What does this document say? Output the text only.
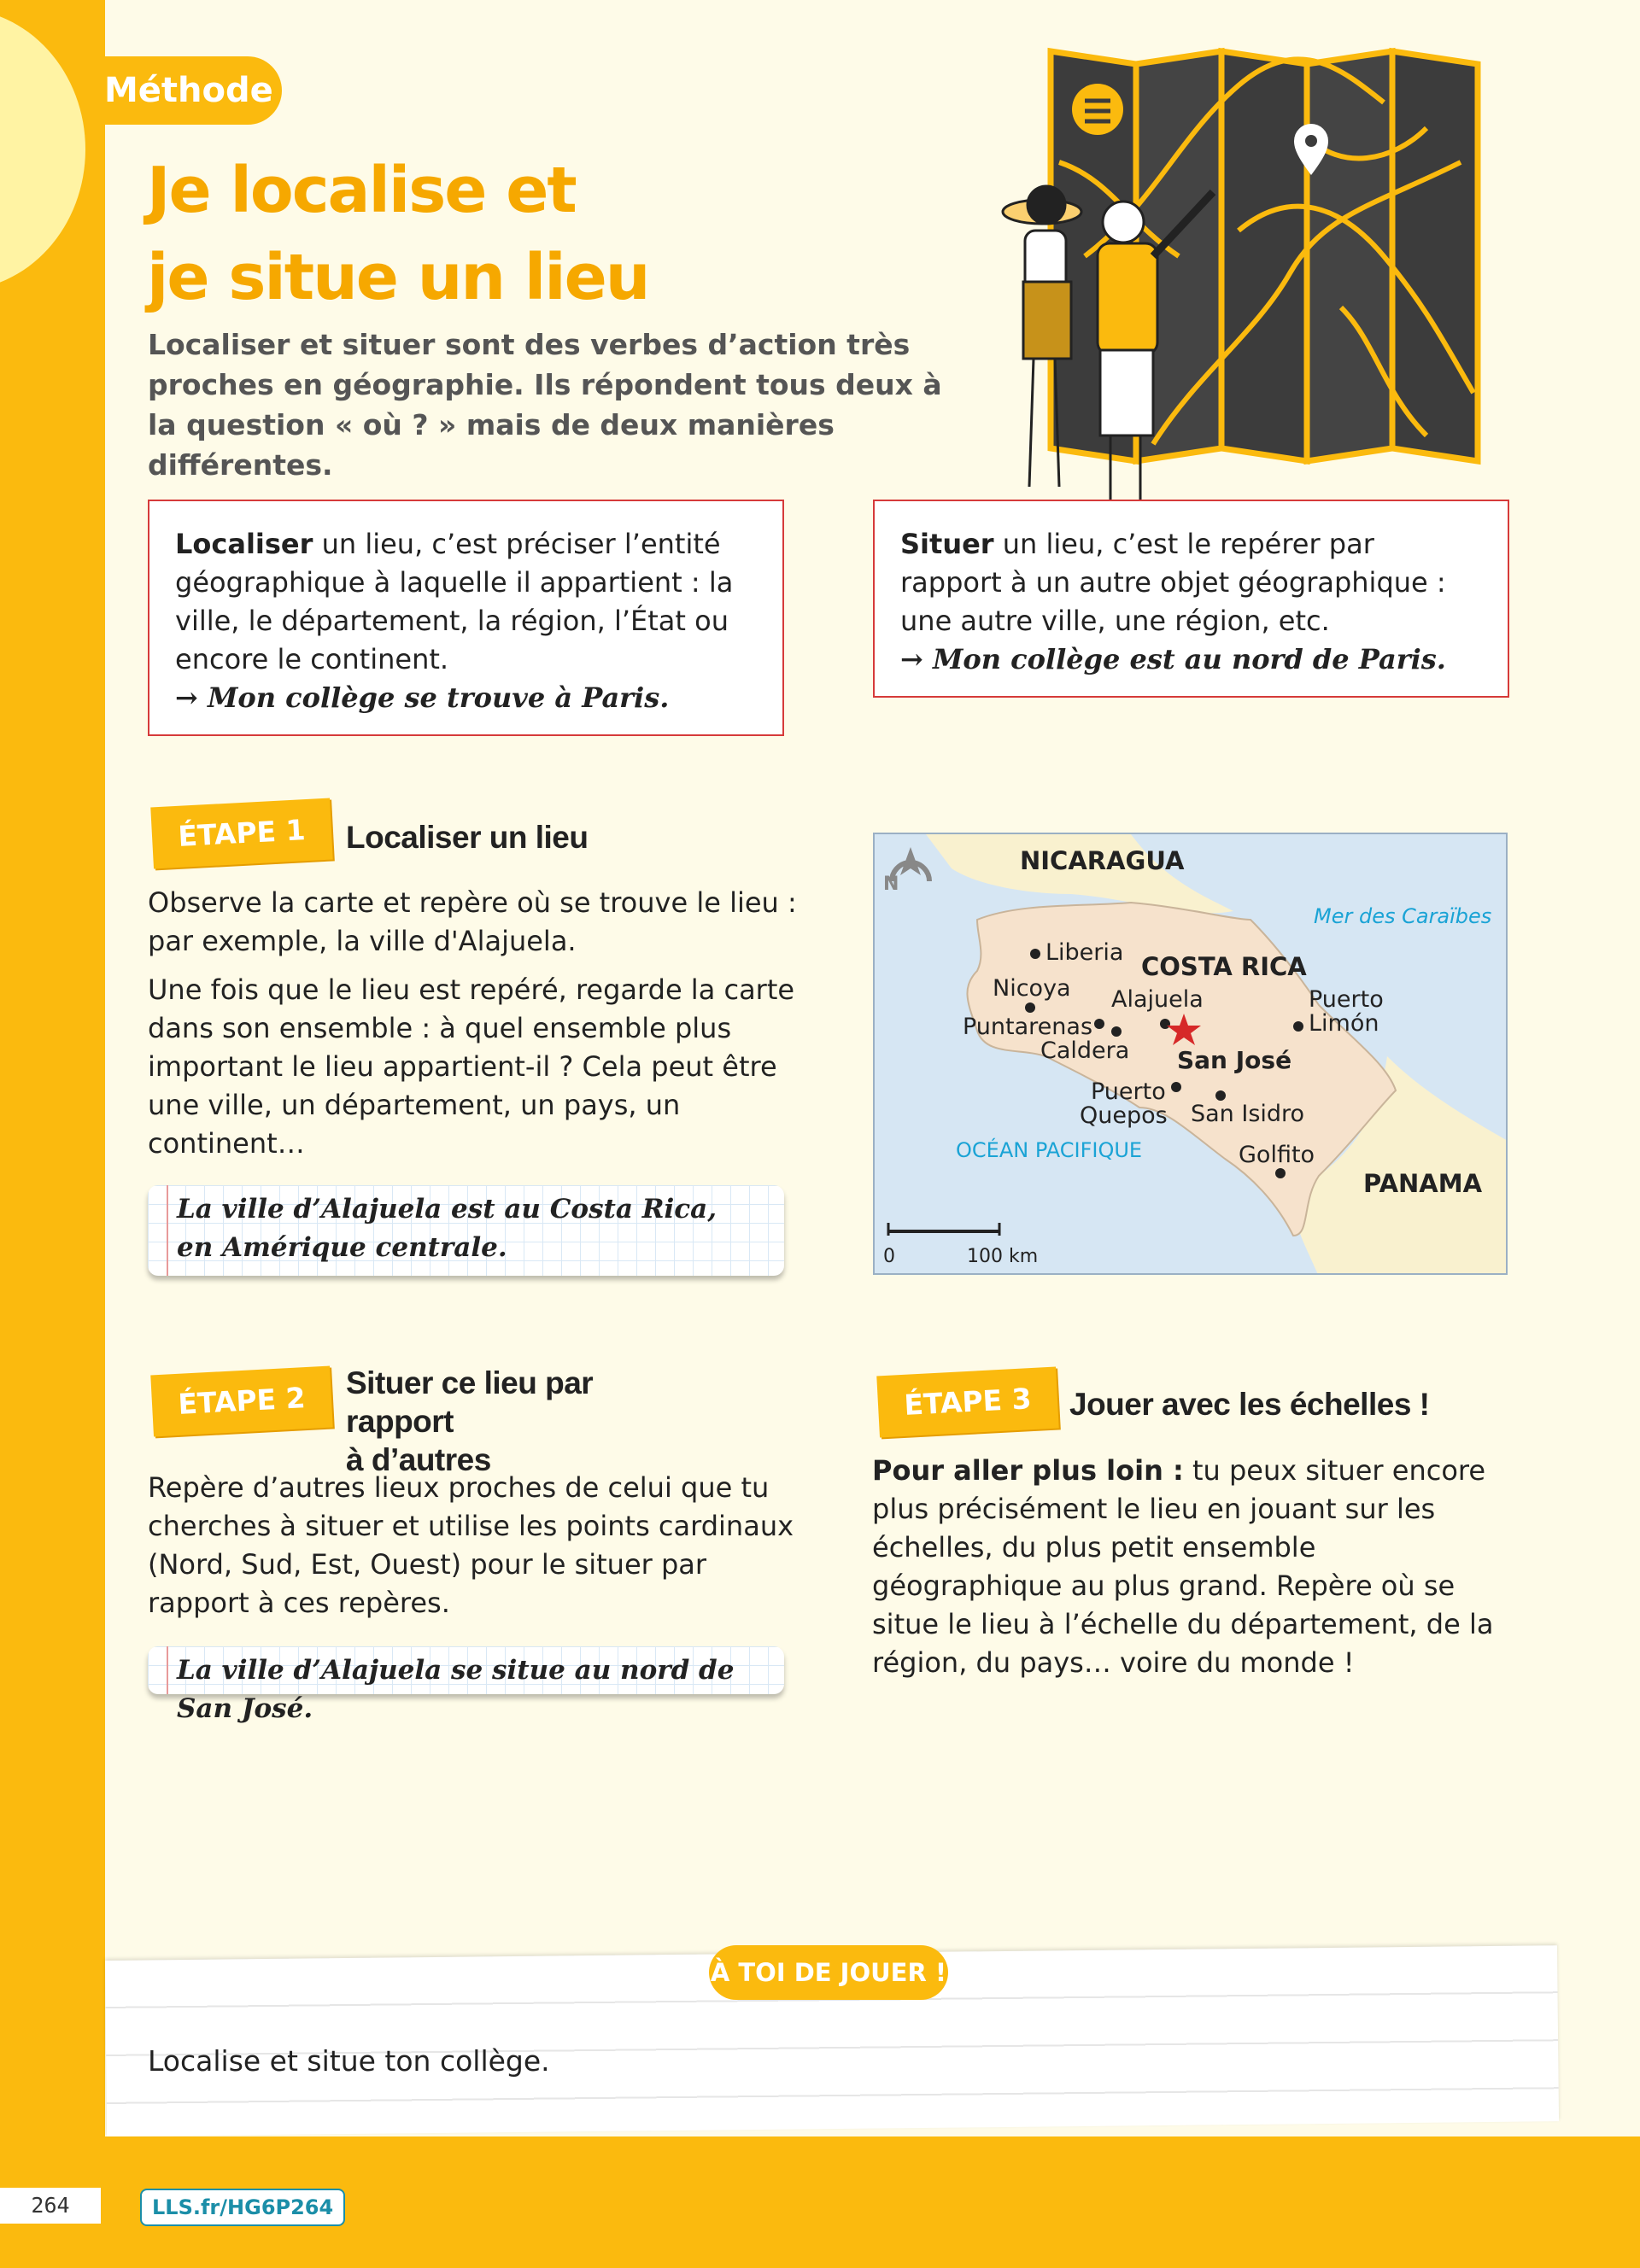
Méthode
Je localise et
je situe un lieu
Localiser et situer sont des verbes d’action très proches en géographie. Ils répondent tous deux à la question « où ? » mais de deux manières différentes.
Localiser un lieu, c’est préciser l’entité géographique à laquelle il appartient : la ville, le département, la région, l’État ou encore le continent.
→ Mon collège se trouve à Paris.
Situer un lieu, c’est le repérer par rapport à un autre objet géographique : une autre ville, une région, etc.
→ Mon collège est au nord de Paris.
ÉTAPE 1	Localiser un lieu

Observe la carte et repère où se trouve le lieu : par exemple, la ville d'Alajuela.

Une fois que le lieu est repéré, regarde la carte dans son ensemble : à quel ensemble plus important le lieu appartient-il ? Cela peut être une ville, un département, un pays, un continent…

La ville d’Alajuela est au Costa Rica,
en Amérique centrale.
N
NICARAGUA
COSTA RICA
PANAMA
Mer des Caraïbes
OCÉAN PACIFIQUE
Liberia
Nicoya Alajuela	Puerto
Limón
Puntarenas
Caldera San José
Puerto
Quepos San Isidro
Golfito
0	100 km
ÉTAPE 2	Situer ce lieu par rapport
à d’autres
Repère d’autres lieux proches de celui que tu cherches à situer et utilise les points cardinaux (Nord, Sud, Est, Ouest) pour le situer par rapport à ces repères.
La ville d’Alajuela se situe au nord de San José.
ÉTAPE 3	Jouer avec les échelles !
Pour aller plus loin : tu peux situer encore plus précisément le lieu en jouant sur les échelles, du plus petit ensemble géographique au plus grand. Repère où se situe le lieu à l’échelle du département, de la région, du pays… voire du monde !
À TOI DE JOUER !
Localise et situe ton collège.
264	LLS.fr/HG6P264
